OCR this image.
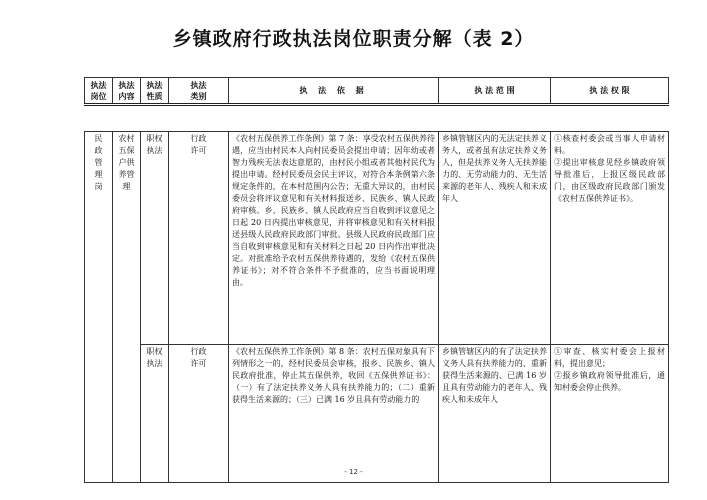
乡镇政府行政执法岗位职责分解（表 2）
执法岗位	执法内容	执法性质	执法类别	执 法 依 据	执 法 范 围	执 法 权 限

民政管理岗	农村五保户供养管理	职权执法	行政许可	《农村五保供养工作条例》第 7 条：享受农村五保供养待遇，应当由村民本人向村民委员会提出申请；因年幼或者智力残疾无法表达意愿的，由村民小组或者其他村民代为提出申请。经村民委员会民主评议，对符合本条例第六条规定条件的，在本村范围内公告；无重大异议的，由村民委员会将评议意见和有关材料报送乡、民族乡、镇人民政府审核。乡、民族乡、镇人民政府应当自收到评议意见之日起 20 日内提出审核意见，并将审核意见和有关材料报送县级人民政府民政部门审批。县级人民政府民政部门应当自收到审核意见和有关材料之日起 20 日内作出审批决定。对批准给予农村五保供养待遇的，发给《农村五保供养证书》；对不符合条件不予批准的，应当书面说明理由。	乡镇管辖区内的无法定扶养义务人，或者虽有法定扶养义务人，但是扶养义务人无扶养能力的、无劳动能力的、无生活来源的老年人、残疾人和未成年人	①核查村委会或当事人申请材料。
②提出审核意见经乡镇政府领导批准后，上报区级民政部门，由区级政府民政部门颁发《农村五保供养证书》。
		职权执法	行政许可	《农村五保供养工作条例》第 8 条：农村五保对象具有下列情形之一的，经村民委员会审核，报乡、民族乡、镇人民政府批准，停止其五保供养，收回《五保供养证书》：（一）有了法定扶养义务人具有扶养能力的；（二）重新获得生活来源的；（三）已满 16 岁且具有劳动能力的	乡镇管辖区内的有了法定扶养义务人具有扶养能力的、重新获得生活来源的、已满 16 岁且具有劳动能力的老年人、残疾人和未成年人	①审查、核实村委会上报材料，提出意见；
②报乡镇政府领导批准后，通知村委会停止供养。
- 12 -
